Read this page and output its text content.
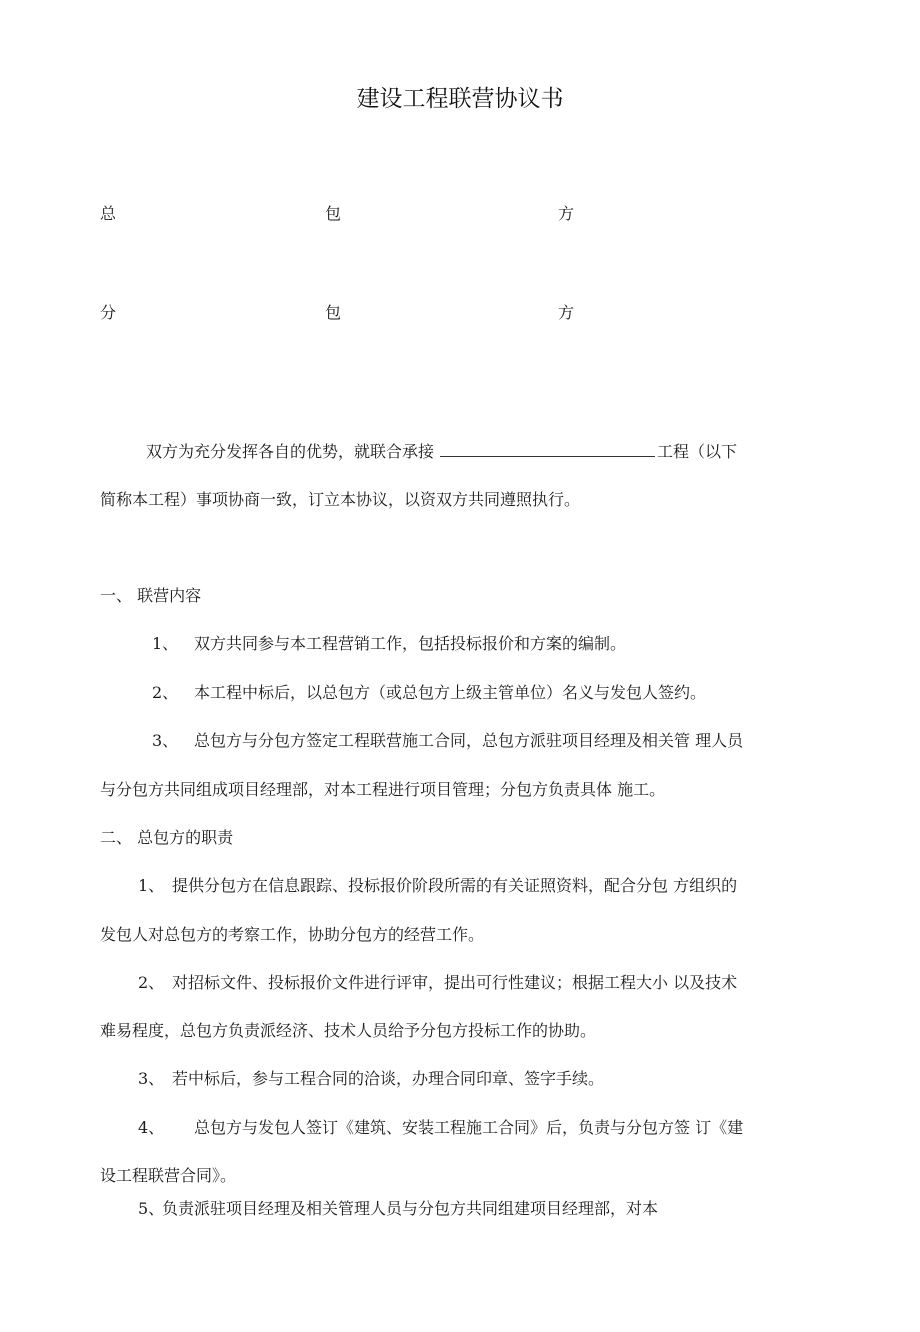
建设工程联营协议书
总	包	方
分	包	方
双方为充分发挥各自的优势，就联合承接	工程（以下
简称本工程）事项协商一致，订立本协议，以资双方共同遵照执行。
一、 联营内容
1、 双方共同参与本工程营销工作，包括投标报价和方案的编制。
2、 本工程中标后，以总包方（或总包方上级主管单位）名义与发包人签约。
3、 总包方与分包方签定工程联营施工合同，总包方派驻项目经理及相关管 理人员
与分包方共同组成项目经理部，对本工程进行项目管理；分包方负责具体 施工。
二、 总包方的职责
1、 提供分包方在信息跟踪、投标报价阶段所需的有关证照资料，配合分包 方组织的
发包人对总包方的考察工作，协助分包方的经营工作。
2、 对招标文件、投标报价文件进行评审，提出可行性建议；根据工程大小 以及技术
难易程度，总包方负责派经济、技术人员给予分包方投标工作的协助。
3、 若中标后，参与工程合同的洽谈，办理合同印章、签字手续。
4、 总包方与发包人签订《建筑、安装工程施工合同》后，负责与分包方签 订《建
设工程联营合同》。
5、
负责派驻项目经理及相关管理人员与分包方共同组建项目经理部，对本
